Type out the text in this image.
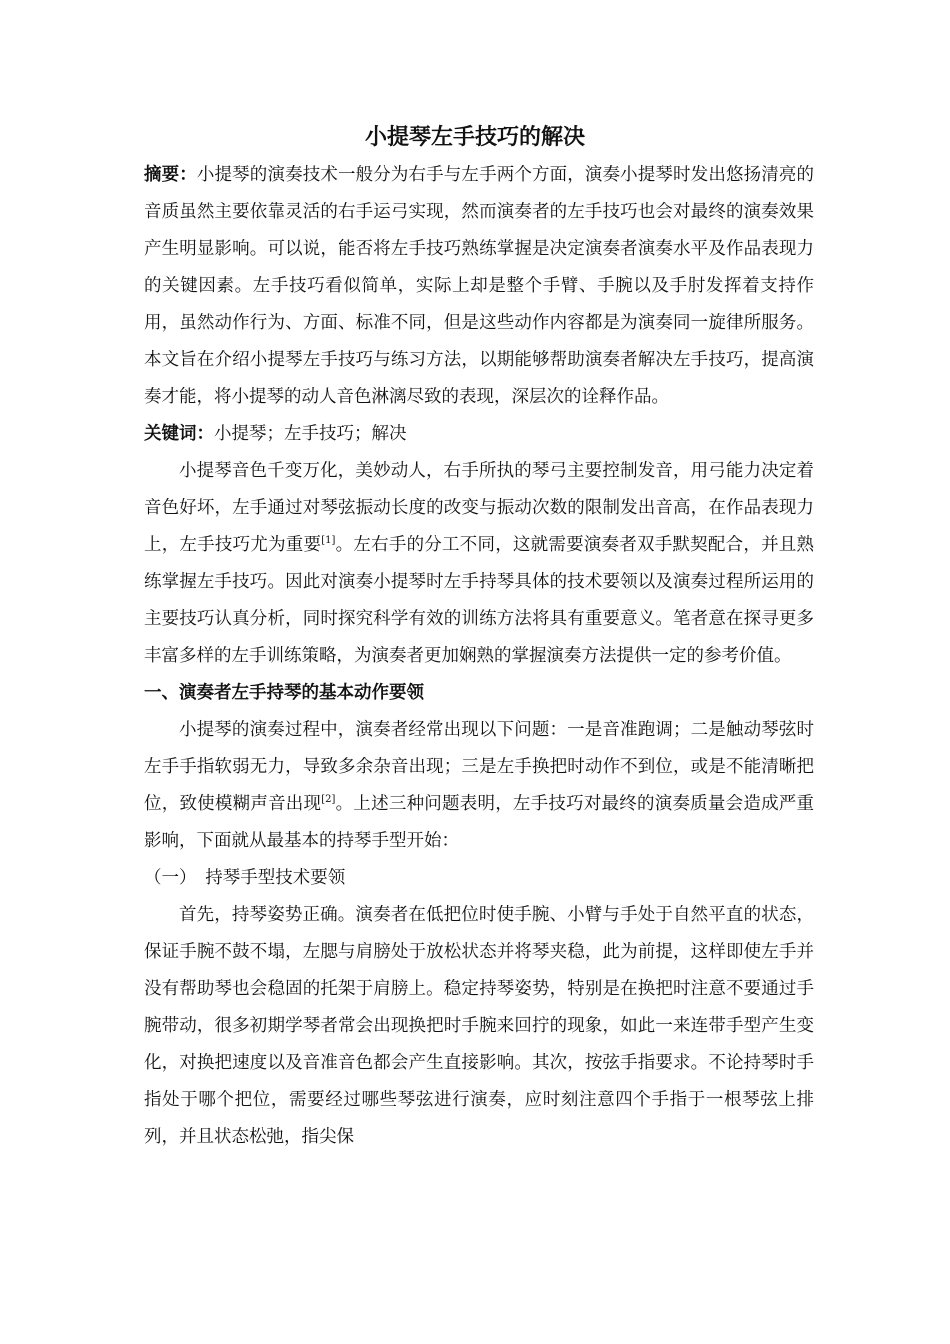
小提琴左手技巧的解决

摘要：小提琴的演奏技术一般分为右手与左手两个方面，演奏小提琴时发出悠扬清亮的音质虽然主要依靠灵活的右手运弓实现，然而演奏者的左手技巧也会对最终的演奏效果产生明显影响。可以说，能否将左手技巧熟练掌握是决定演奏者演奏水平及作品表现力的关键因素。左手技巧看似简单，实际上却是整个手臂、手腕以及手肘发挥着支持作用，虽然动作行为、方面、标准不同，但是这些动作内容都是为演奏同一旋律所服务。本文旨在介绍小提琴左手技巧与练习方法，以期能够帮助演奏者解决左手技巧，提高演奏才能，将小提琴的动人音色淋漓尽致的表现，深层次的诠释作品。

关键词：小提琴；左手技巧；解决

小提琴音色千变万化，美妙动人，右手所执的琴弓主要控制发音，用弓能力决定着音色好坏，左手通过对琴弦振动长度的改变与振动次数的限制发出音高，在作品表现力上，左手技巧尤为重要[1]。左右手的分工不同，这就需要演奏者双手默契配合，并且熟练掌握左手技巧。因此对演奏小提琴时左手持琴具体的技术要领以及演奏过程所运用的主要技巧认真分析，同时探究科学有效的训练方法将具有重要意义。笔者意在探寻更多丰富多样的左手训练策略，为演奏者更加娴熟的掌握演奏方法提供一定的参考价值。

一、演奏者左手持琴的基本动作要领

小提琴的演奏过程中，演奏者经常出现以下问题：一是音准跑调；二是触动琴弦时左手手指软弱无力，导致多余杂音出现；三是左手换把时动作不到位，或是不能清晰把位，致使模糊声音出现[2]。上述三种问题表明，左手技巧对最终的演奏质量会造成严重影响，下面就从最基本的持琴手型开始：

（一）　持琴手型技术要领

首先，持琴姿势正确。演奏者在低把位时使手腕、小臂与手处于自然平直的状态，保证手腕不鼓不塌，左腮与肩膀处于放松状态并将琴夹稳，此为前提，这样即使左手并没有帮助琴也会稳固的托架于肩膀上。稳定持琴姿势，特别是在换把时注意不要通过手腕带动，很多初期学琴者常会出现换把时手腕来回拧的现象，如此一来连带手型产生变化，对换把速度以及音准音色都会产生直接影响。其次，按弦手指要求。不论持琴时手指处于哪个把位，需要经过哪些琴弦进行演奏，应时刻注意四个手指于一根琴弦上排列，并且状态松弛，指尖保
